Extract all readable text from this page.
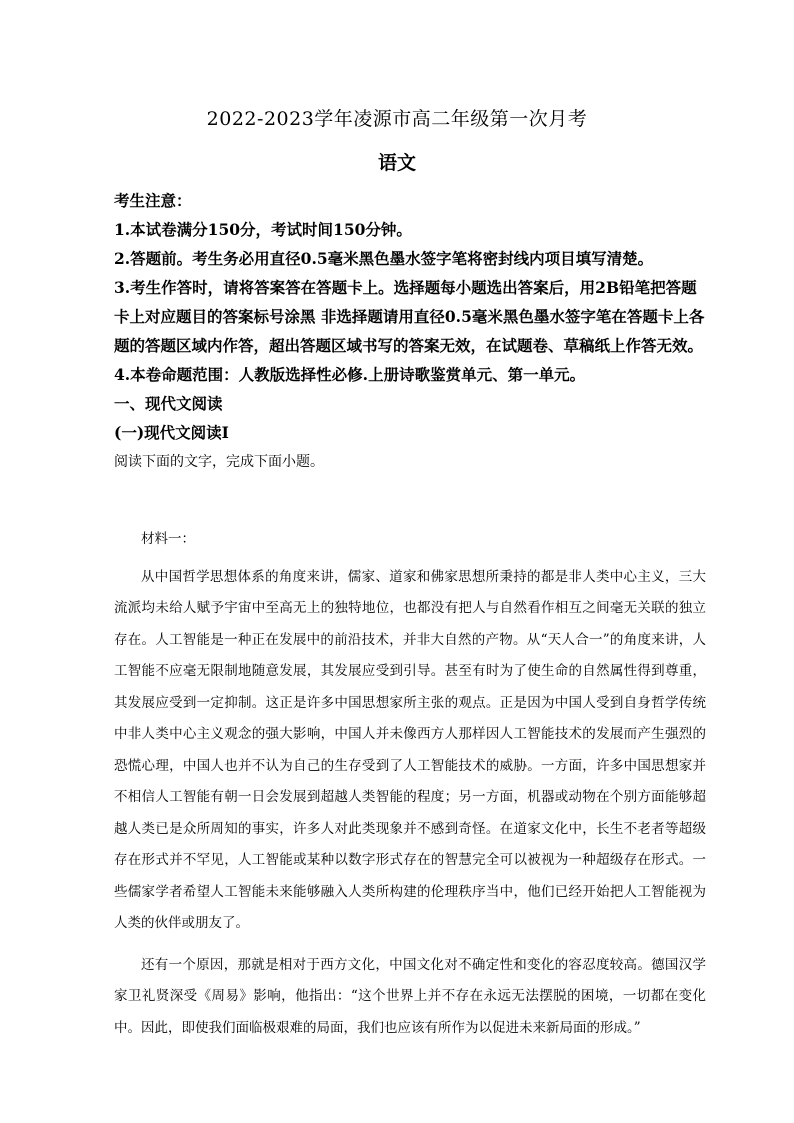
2022-2023学年凌源市高二年级第一次月考
语文

考生注意：

1.本试卷满分150分，考试时间150分钟。

2.答题前。考生务必用直径0.5毫米黑色墨水签字笔将密封线内项目填写清楚。

3.考生作答时，请将答案答在答题卡上。选择题每小题选出答案后，用2B铅笔把答题卡上对应题目的答案标号涂黑 非选择题请用直径0.5毫米黑色墨水签字笔在答题卡上各题的答题区域内作答，超出答题区域书写的答案无效，在试题卷、草稿纸上作答无效。

4.本卷命题范围：人教版选择性必修.上册诗歌鉴赏单元、第一单元。

一、现代文阅读

(一)现代文阅读Ⅰ

阅读下面的文字，完成下面小题。

材料一：

从中国哲学思想体系的角度来讲，儒家、道家和佛家思想所秉持的都是非人类中心主义，三大流派均未给人赋予宇宙中至高无上的独特地位，也都没有把人与自然看作相互之间毫无关联的独立存在。人工智能是一种正在发展中的前沿技术，并非大自然的产物。从“天人合一”的角度来讲，人工智能不应毫无限制地随意发展，其发展应受到引导。甚至有时为了使生命的自然属性得到尊重，其发展应受到一定抑制。这正是许多中国思想家所主张的观点。正是因为中国人受到自身哲学传统中非人类中心主义观念的强大影响，中国人并未像西方人那样因人工智能技术的发展而产生强烈的恐慌心理，中国人也并不认为自己的生存受到了人工智能技术的威胁。一方面，许多中国思想家并不相信人工智能有朝一日会发展到超越人类智能的程度；另一方面，机器或动物在个别方面能够超越人类已是众所周知的事实，许多人对此类现象并不感到奇怪。在道家文化中，长生不老者等超级存在形式并不罕见，人工智能或某种以数字形式存在的智慧完全可以被视为一种超级存在形式。一些儒家学者希望人工智能未来能够融入人类所构建的伦理秩序当中，他们已经开始把人工智能视为人类的伙伴或朋友了。

还有一个原因，那就是相对于西方文化，中国文化对不确定性和变化的容忍度较高。德国汉学家卫礼贤深受《周易》影响，他指出：“这个世界上并不存在永远无法摆脱的困境，一切都在变化中。因此，即使我们面临极艰难的局面，我们也应该有所作为以促进未来新局面的形成。”
